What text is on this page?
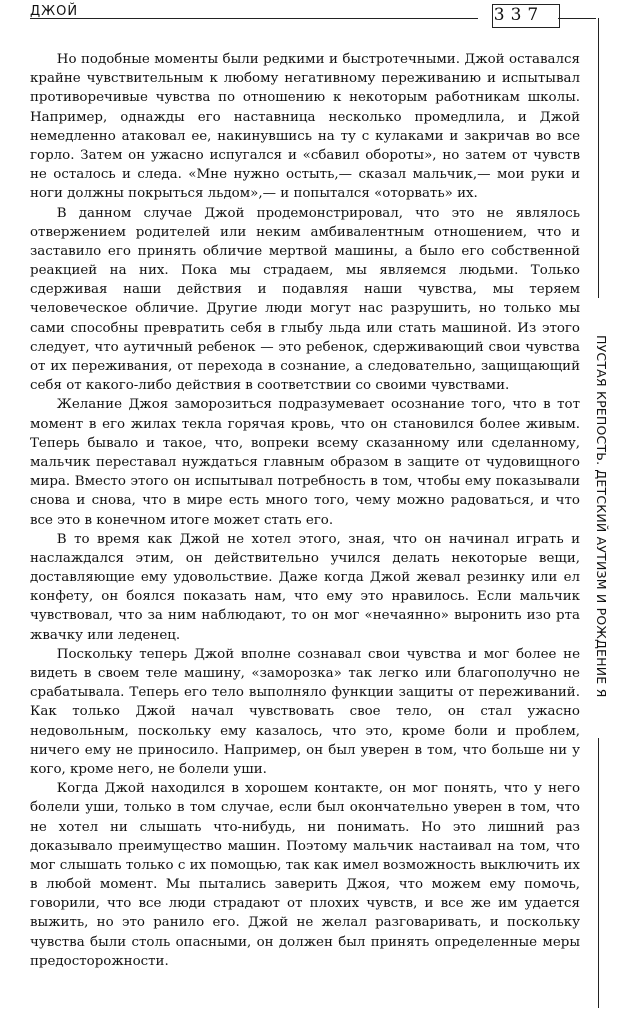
ДЖОЙ	337
ПУСТАЯ КРЕПОСТЬ. ДЕТСКИЙ АУТИЗМ И РОЖДЕНИЕ Я

Но подобные моменты были редкими и быстротечными. Джой оставался крайне чувствительным к любому негативному переживанию и испытывал противоречивые чувства по отношению к некоторым работникам школы. Например, однажды его наставница несколько промедлила, и Джой немедленно атаковал ее, накинувшись на ту с кулаками и закричав во все горло. Затем он ужасно испугался и «сбавил обороты», но затем от чувств не осталось и следа. «Мне нужно остыть,— сказал мальчик,— мои руки и ноги должны покрыться льдом»,— и попытался «оторвать» их.

В данном случае Джой продемонстрировал, что это не являлось отвержением родителей или неким амбивалентным отношением, что и заставило его принять обличие мертвой машины, а было его собственной реакцией на них. Пока мы страдаем, мы являемся людьми. Только сдерживая наши действия и подавляя наши чувства, мы теряем человеческое обличие. Другие люди могут нас разрушить, но только мы сами способны превратить себя в глыбу льда или стать машиной. Из этого следует, что аутичный ребенок — это ребенок, сдерживающий свои чувства от их переживания, от перехода в сознание, а следовательно, защищающий себя от какого-либо действия в соответствии со своими чувствами.

Желание Джоя заморозиться подразумевает осознание того, что в тот момент в его жилах текла горячая кровь, что он становился более живым. Теперь бывало и такое, что, вопреки всему сказанному или сделанному, мальчик переставал нуждаться главным образом в защите от чудовищного мира. Вместо этого он испытывал потребность в том, чтобы ему показывали снова и снова, что в мире есть много того, чему можно радоваться, и что все это в конечном итоге может стать его.

В то время как Джой не хотел этого, зная, что он начинал играть и наслаждался этим, он действительно учился делать некоторые вещи, доставляющие ему удовольствие. Даже когда Джой жевал резинку или ел конфету, он боялся показать нам, что ему это нравилось. Если мальчик чувствовал, что за ним наблюдают, то он мог «нечаянно» выронить изо рта жвачку или леденец.

Поскольку теперь Джой вполне сознавал свои чувства и мог более не видеть в своем теле машину, «заморозка» так легко или благополучно не срабатывала. Теперь его тело выполняло функции защиты от переживаний. Как только Джой начал чувствовать свое тело, он стал ужасно недовольным, поскольку ему казалось, что это, кроме боли и проблем, ничего ему не приносило. Например, он был уверен в том, что больше ни у кого, кроме него, не болели уши.

Когда Джой находился в хорошем контакте, он мог понять, что у него болели уши, только в том случае, если был окончательно уверен в том, что не хотел ни слышать что-нибудь, ни понимать. Но это лишний раз доказывало преимущество машин. Поэтому мальчик настаивал на том, что мог слышать только с их помощью, так как имел возможность выключить их в любой момент. Мы пытались заверить Джоя, что можем ему помочь, говорили, что все люди страдают от плохих чувств, и все же им удается выжить, но это ранило его. Джой не желал разговаривать, и поскольку чувства были столь опасными, он должен был принять определенные меры предосторожности.
